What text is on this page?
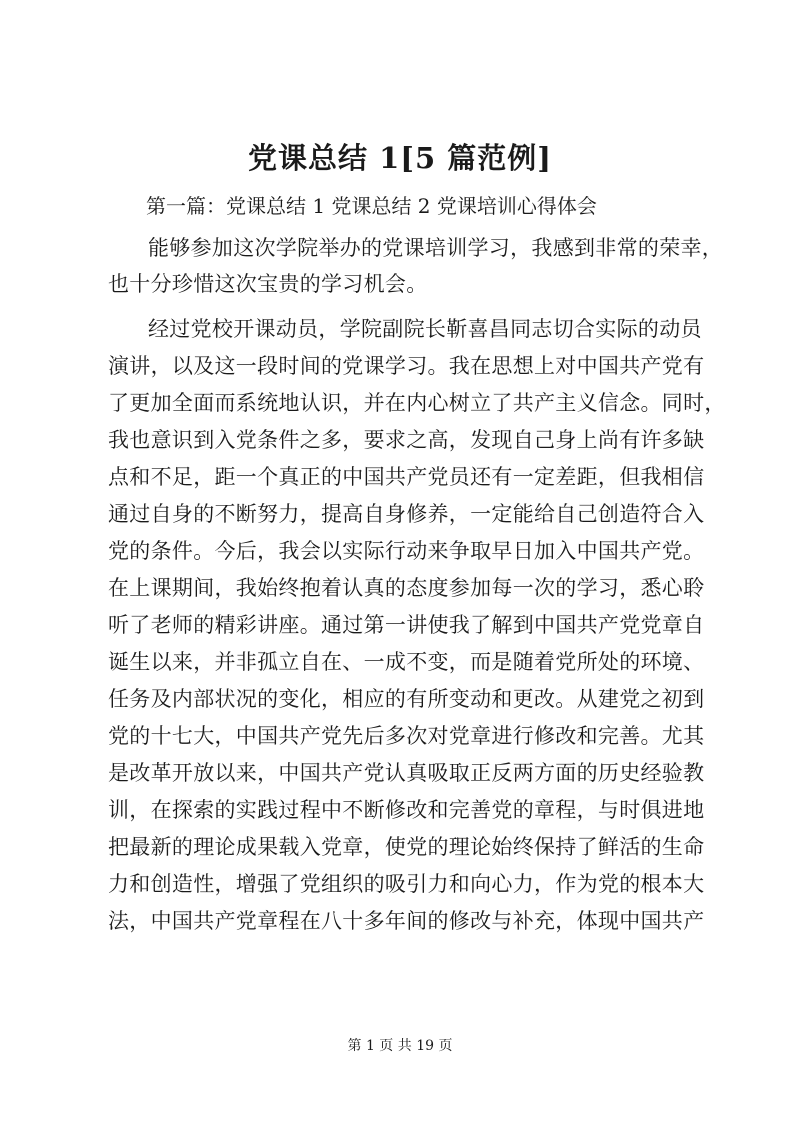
党课总结 1[5 篇范例]
第一篇：党课总结 1 党课总结 2 党课培训心得体会
能够参加这次学院举办的党课培训学习，我感到非常的荣幸，
也十分珍惜这次宝贵的学习机会。
经过党校开课动员，学院副院长靳喜昌同志切合实际的动员
演讲，以及这一段时间的党课学习。我在思想上对中国共产党有
了更加全面而系统地认识，并在内心树立了共产主义信念。同时，
我也意识到入党条件之多，要求之高，发现自己身上尚有许多缺
点和不足，距一个真正的中国共产党员还有一定差距，但我相信
通过自身的不断努力，提高自身修养，一定能给自己创造符合入
党的条件。今后，我会以实际行动来争取早日加入中国共产党。
在上课期间，我始终抱着认真的态度参加每一次的学习，悉心聆
听了老师的精彩讲座。通过第一讲使我了解到中国共产党党章自
诞生以来，并非孤立自在、一成不变，而是随着党所处的环境、
任务及内部状况的变化，相应的有所变动和更改。从建党之初到
党的十七大，中国共产党先后多次对党章进行修改和完善。尤其
是改革开放以来，中国共产党认真吸取正反两方面的历史经验教
训，在探索的实践过程中不断修改和完善党的章程，与时俱进地
把最新的理论成果载入党章，使党的理论始终保持了鲜活的生命
力和创造性，增强了党组织的吸引力和向心力，作为党的根本大
法，中国共产党章程在八十多年间的修改与补充，体现中国共产
第 1 页 共 19 页
